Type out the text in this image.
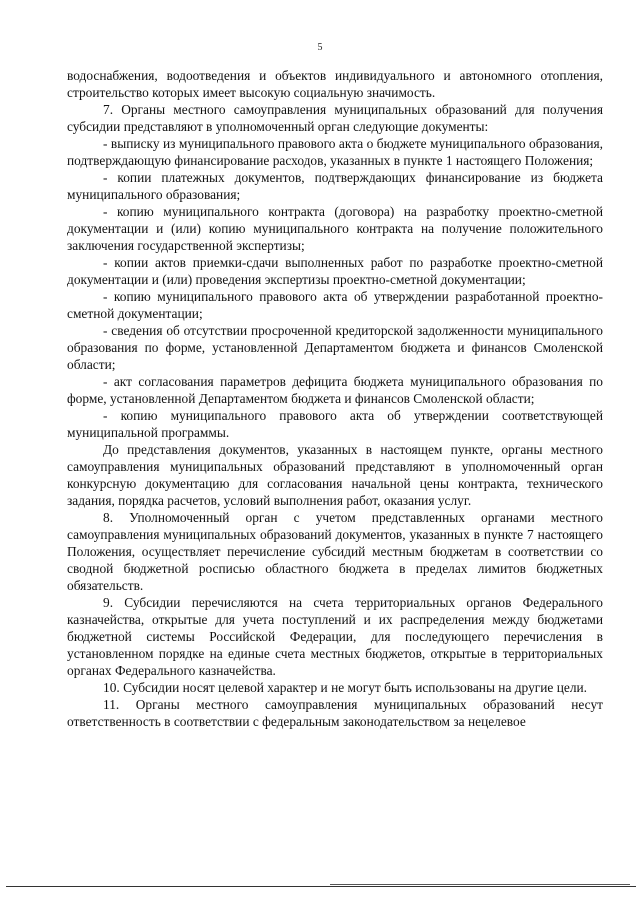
5

водоснабжения, водоотведения и объектов индивидуального и автономного отопления, строительство которых имеет высокую социальную значимость.

7. Органы местного самоуправления муниципальных образований для получения субсидии представляют в уполномоченный орган следующие документы:

- выписку из муниципального правового акта о бюджете муниципального образования, подтверждающую финансирование расходов, указанных в пункте 1 настоящего Положения;

- копии платежных документов, подтверждающих финансирование из бюджета муниципального образования;

- копию муниципального контракта (договора) на разработку проектно-сметной документации и (или) копию муниципального контракта на получение положительного заключения государственной экспертизы;

- копии актов приемки-сдачи выполненных работ по разработке проектно-сметной документации и (или) проведения экспертизы проектно-сметной документации;

- копию муниципального правового акта об утверждении разработанной проектно-сметной документации;

- сведения об отсутствии просроченной кредиторской задолженности муниципального образования по форме, установленной Департаментом бюджета и финансов Смоленской области;

- акт согласования параметров дефицита бюджета муниципального образования по форме, установленной Департаментом бюджета и финансов Смоленской области;

- копию муниципального правового акта об утверждении соответствующей муниципальной программы.

До представления документов, указанных в настоящем пункте, органы местного самоуправления муниципальных образований представляют в уполномоченный орган конкурсную документацию для согласования начальной цены контракта, технического задания, порядка расчетов, условий выполнения работ, оказания услуг.

8. Уполномоченный орган с учетом представленных органами местного самоуправления муниципальных образований документов, указанных в пункте 7 настоящего Положения, осуществляет перечисление субсидий местным бюджетам в соответствии со сводной бюджетной росписью областного бюджета в пределах лимитов бюджетных обязательств.

9. Субсидии перечисляются на счета территориальных органов Федерального казначейства, открытые для учета поступлений и их распределения между бюджетами бюджетной системы Российской Федерации, для последующего перечисления в установленном порядке на единые счета местных бюджетов, открытые в территориальных органах Федерального казначейства.

10. Субсидии носят целевой характер и не могут быть использованы на другие цели.

11. Органы местного самоуправления муниципальных образований несут ответственность в соответствии с федеральным законодательством за нецелевое
